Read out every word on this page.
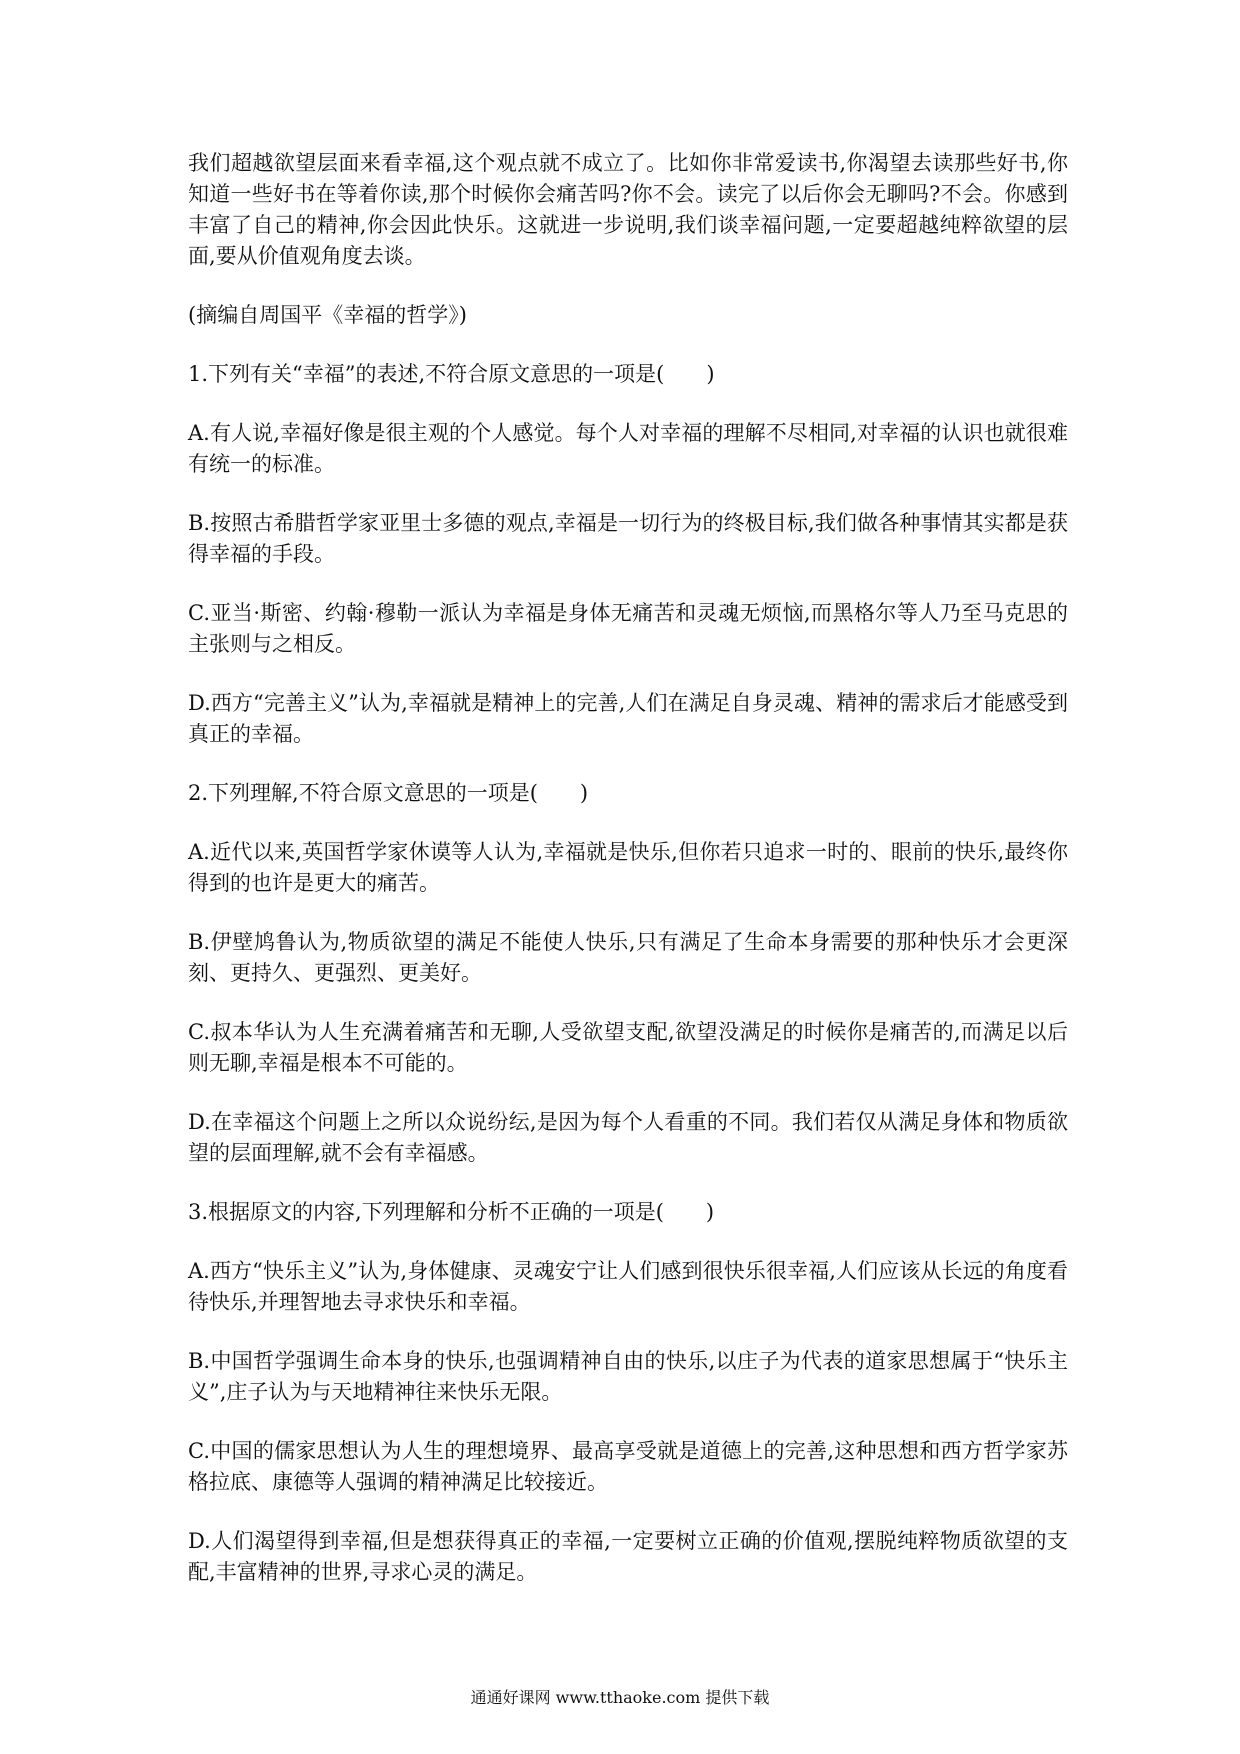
我们超越欲望层面来看幸福,这个观点就不成立了。比如你非常爱读书,你渴望去读那些好书,你知道一些好书在等着你读,那个时候你会痛苦吗?你不会。读完了以后你会无聊吗?不会。你感到丰富了自己的精神,你会因此快乐。这就进一步说明,我们谈幸福问题,一定要超越纯粹欲望的层面,要从价值观角度去谈。

(摘编自周国平《幸福的哲学》)

1.下列有关“幸福”的表述,不符合原文意思的一项是(　　)

A.有人说,幸福好像是很主观的个人感觉。每个人对幸福的理解不尽相同,对幸福的认识也就很难有统一的标准。

B.按照古希腊哲学家亚里士多德的观点,幸福是一切行为的终极目标,我们做各种事情其实都是获得幸福的手段。

C.亚当·斯密、约翰·穆勒一派认为幸福是身体无痛苦和灵魂无烦恼,而黑格尔等人乃至马克思的主张则与之相反。

D.西方“完善主义”认为,幸福就是精神上的完善,人们在满足自身灵魂、精神的需求后才能感受到真正的幸福。

2.下列理解,不符合原文意思的一项是(　　)

A.近代以来,英国哲学家休谟等人认为,幸福就是快乐,但你若只追求一时的、眼前的快乐,最终你得到的也许是更大的痛苦。

B.伊壁鸠鲁认为,物质欲望的满足不能使人快乐,只有满足了生命本身需要的那种快乐才会更深刻、更持久、更强烈、更美好。

C.叔本华认为人生充满着痛苦和无聊,人受欲望支配,欲望没满足的时候你是痛苦的,而满足以后则无聊,幸福是根本不可能的。

D.在幸福这个问题上之所以众说纷纭,是因为每个人看重的不同。我们若仅从满足身体和物质欲望的层面理解,就不会有幸福感。

3.根据原文的内容,下列理解和分析不正确的一项是(　　)

A.西方“快乐主义”认为,身体健康、灵魂安宁让人们感到很快乐很幸福,人们应该从长远的角度看待快乐,并理智地去寻求快乐和幸福。

B.中国哲学强调生命本身的快乐,也强调精神自由的快乐,以庄子为代表的道家思想属于“快乐主义”,庄子认为与天地精神往来快乐无限。

C.中国的儒家思想认为人生的理想境界、最高享受就是道德上的完善,这种思想和西方哲学家苏格拉底、康德等人强调的精神满足比较接近。

D.人们渴望得到幸福,但是想获得真正的幸福,一定要树立正确的价值观,摆脱纯粹物质欲望的支配,丰富精神的世界,寻求心灵的满足。

通通好课网 www.tthaoke.com 提供下载
